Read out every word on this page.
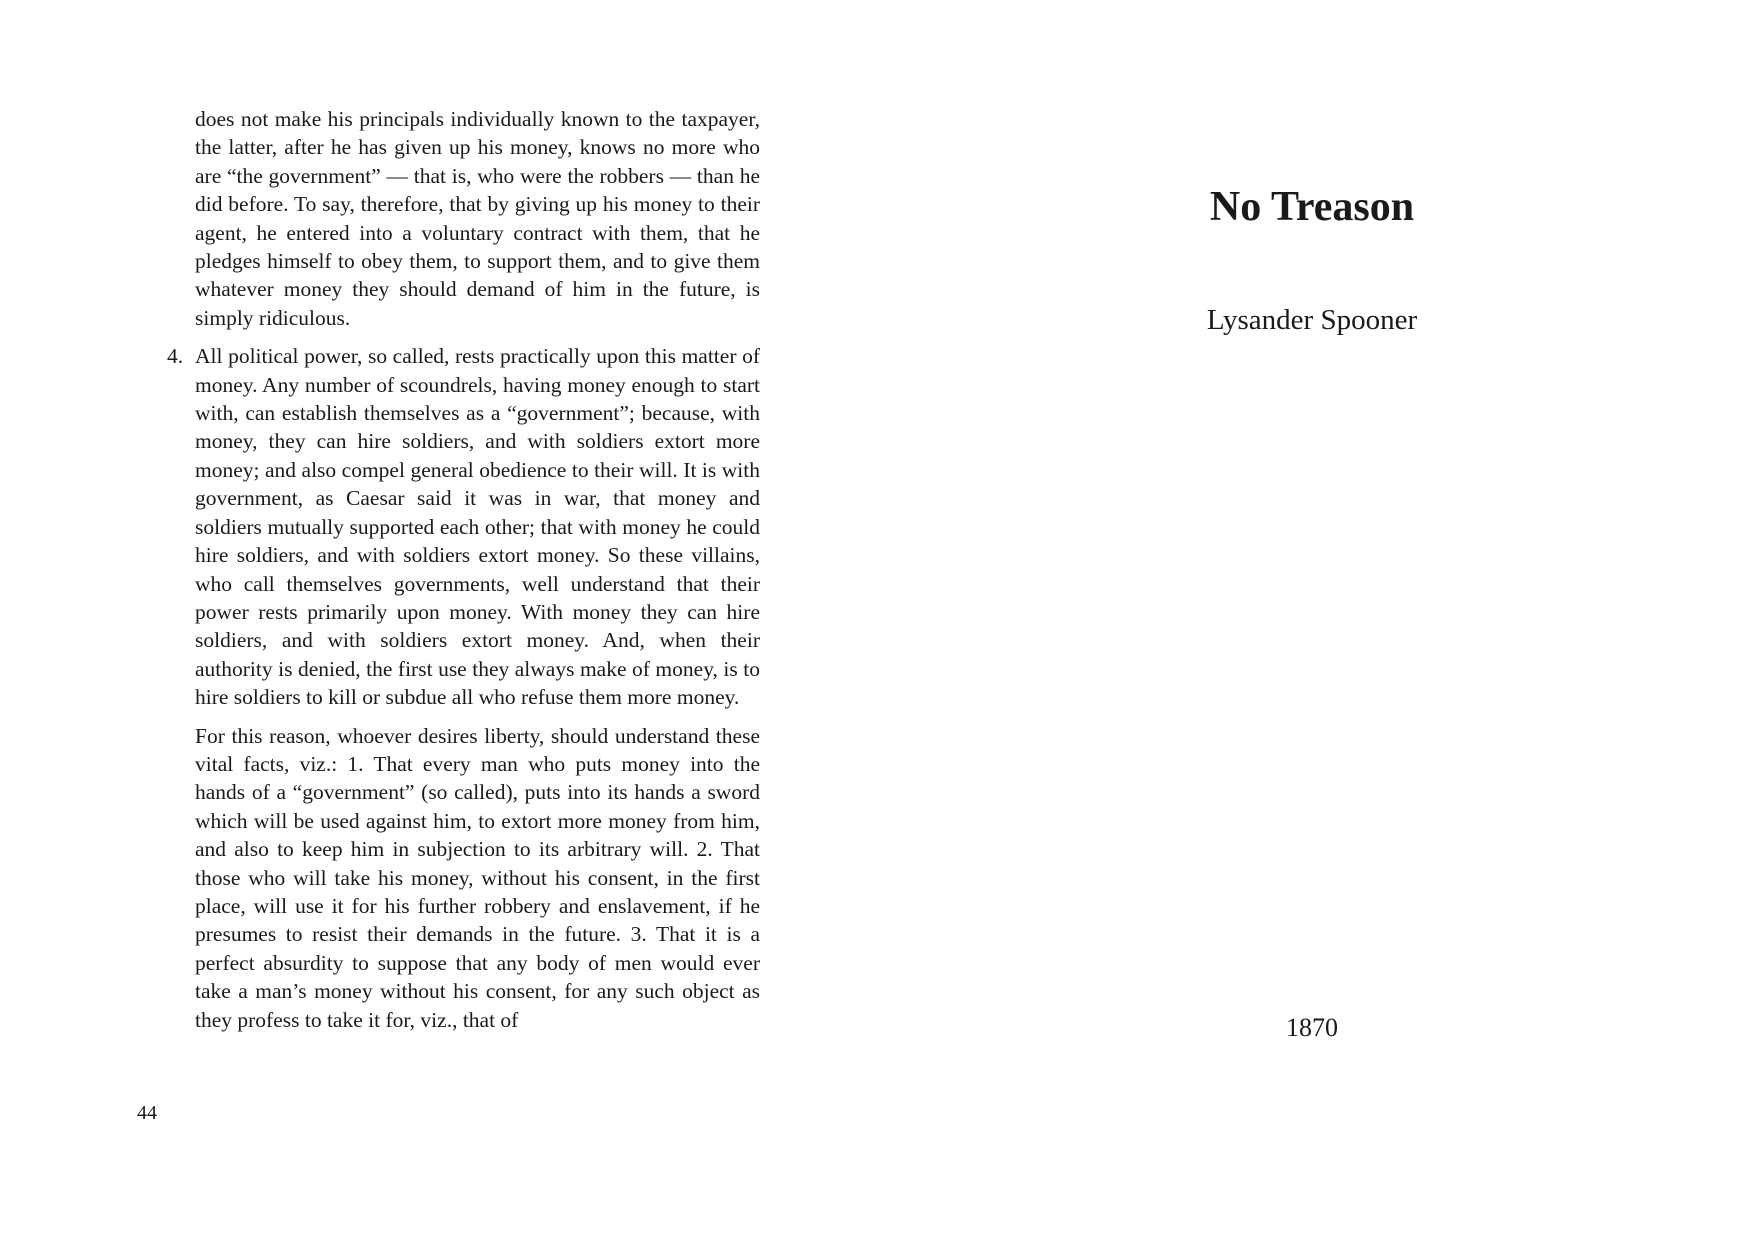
does not make his principals individually known to the taxpayer, the latter, after he has given up his money, knows no more who are “the government” — that is, who were the robbers — than he did before. To say, therefore, that by giving up his money to their agent, he entered into a voluntary contract with them, that he pledges himself to obey them, to support them, and to give them whatever money they should demand of him in the future, is simply ridiculous.

4. All political power, so called, rests practically upon this matter of money. Any number of scoundrels, having money enough to start with, can establish themselves as a “government”; because, with money, they can hire soldiers, and with soldiers extort more money; and also compel general obedience to their will. It is with government, as Caesar said it was in war, that money and soldiers mutually supported each other; that with money he could hire soldiers, and with soldiers extort money. So these villains, who call themselves governments, well understand that their power rests primarily upon money. With money they can hire soldiers, and with soldiers extort money. And, when their authority is denied, the first use they always make of money, is to hire soldiers to kill or subdue all who refuse them more money.

For this reason, whoever desires liberty, should understand these vital facts, viz.: 1. That every man who puts money into the hands of a “government” (so called), puts into its hands a sword which will be used against him, to extort more money from him, and also to keep him in subjection to its arbitrary will. 2. That those who will take his money, without his consent, in the first place, will use it for his further robbery and enslavement, if he presumes to resist their demands in the future. 3. That it is a perfect absurdity to suppose that any body of men would ever take a man’s money without his consent, for any such object as they profess to take it for, viz., that of

44
No Treason
Lysander Spooner
1870
